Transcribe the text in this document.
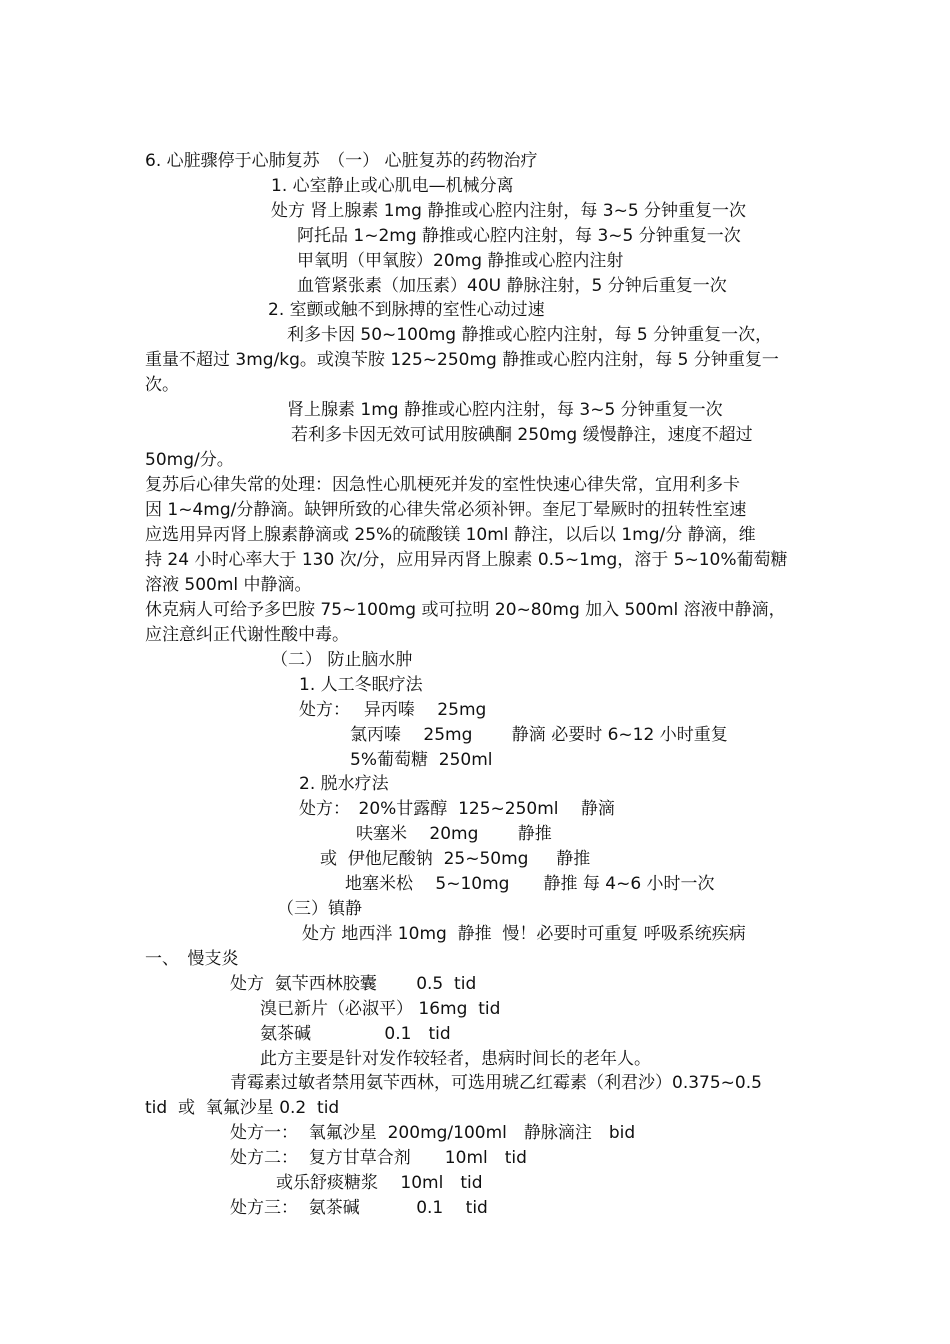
6. 心脏骤停于心肺复苏　（一） 心脏复苏的药物治疗
1. 心室静止或心肌电—机械分离
处方 肾上腺素 1mg 静推或心腔内注射，每 3~5 分钟重复一次
阿托品 1~2mg 静推或心腔内注射，每 3~5 分钟重复一次
甲氧明（甲氧胺）20mg 静推或心腔内注射
血管紧张素（加压素）40U 静脉注射，5 分钟后重复一次
2. 室颤或触不到脉搏的室性心动过速
利多卡因 50~100mg 静推或心腔内注射，每 5 分钟重复一次，
重量不超过 3mg/kg。或溴苄胺 125~250mg 静推或心腔内注射，每 5 分钟重复一
次。
肾上腺素 1mg 静推或心腔内注射，每 3~5 分钟重复一次
若利多卡因无效可试用胺碘酮 250mg 缓慢静注，速度不超过
50mg/分。
复苏后心律失常的处理：因急性心肌梗死并发的室性快速心律失常，宜用利多卡
因 1~4mg/分静滴。缺钾所致的心律失常必须补钾。奎尼丁晕厥时的扭转性室速
应选用异丙肾上腺素静滴或 25%的硫酸镁 10ml 静注，以后以 1mg/分 静滴，维
持 24 小时心率大于 130 次/分，应用异丙肾上腺素 0.5~1mg，溶于 5~10%葡萄糖
溶液 500ml 中静滴。
休克病人可给予多巴胺 75~100mg 或可拉明 20~80mg 加入 500ml 溶液中静滴，
应注意纠正代谢性酸中毒。
（二） 防止脑水肿
1. 人工冬眠疗法
处方：　 异丙嗪　 25mg
氯丙嗪　 25mg　　 静滴 必要时 6~12 小时重复
5%葡萄糖  250ml
2. 脱水疗法
处方：　20%甘露醇  125~250ml　 静滴
呋塞米　 20mg　　 静推
或  伊他尼酸钠  25~50mg　  静推
地塞米松　 5~10mg　　静推 每 4~6 小时一次
（三）镇静
处方 地西泮 10mg  静推  慢！必要时可重复 呼吸系统疾病
一、　慢支炎
处方  氨苄西林胶囊　　 0.5  tid
溴已新片（必淑平） 16mg  tid
氨茶碱　　　　 0.1　tid
此方主要是针对发作较轻者，患病时间长的老年人。
青霉素过敏者禁用氨苄西林，可选用琥乙红霉素（利君沙）0.375~0.5
tid  或  氧氟沙星 0.2  tid
处方一：  氧氟沙星  200mg/100ml　静脉滴注　bid
处方二：  复方甘草合剂　　10ml　tid
或乐舒痰糖浆　 10ml　tid
处方三：  氨茶碱　　　 0.1　 tid
